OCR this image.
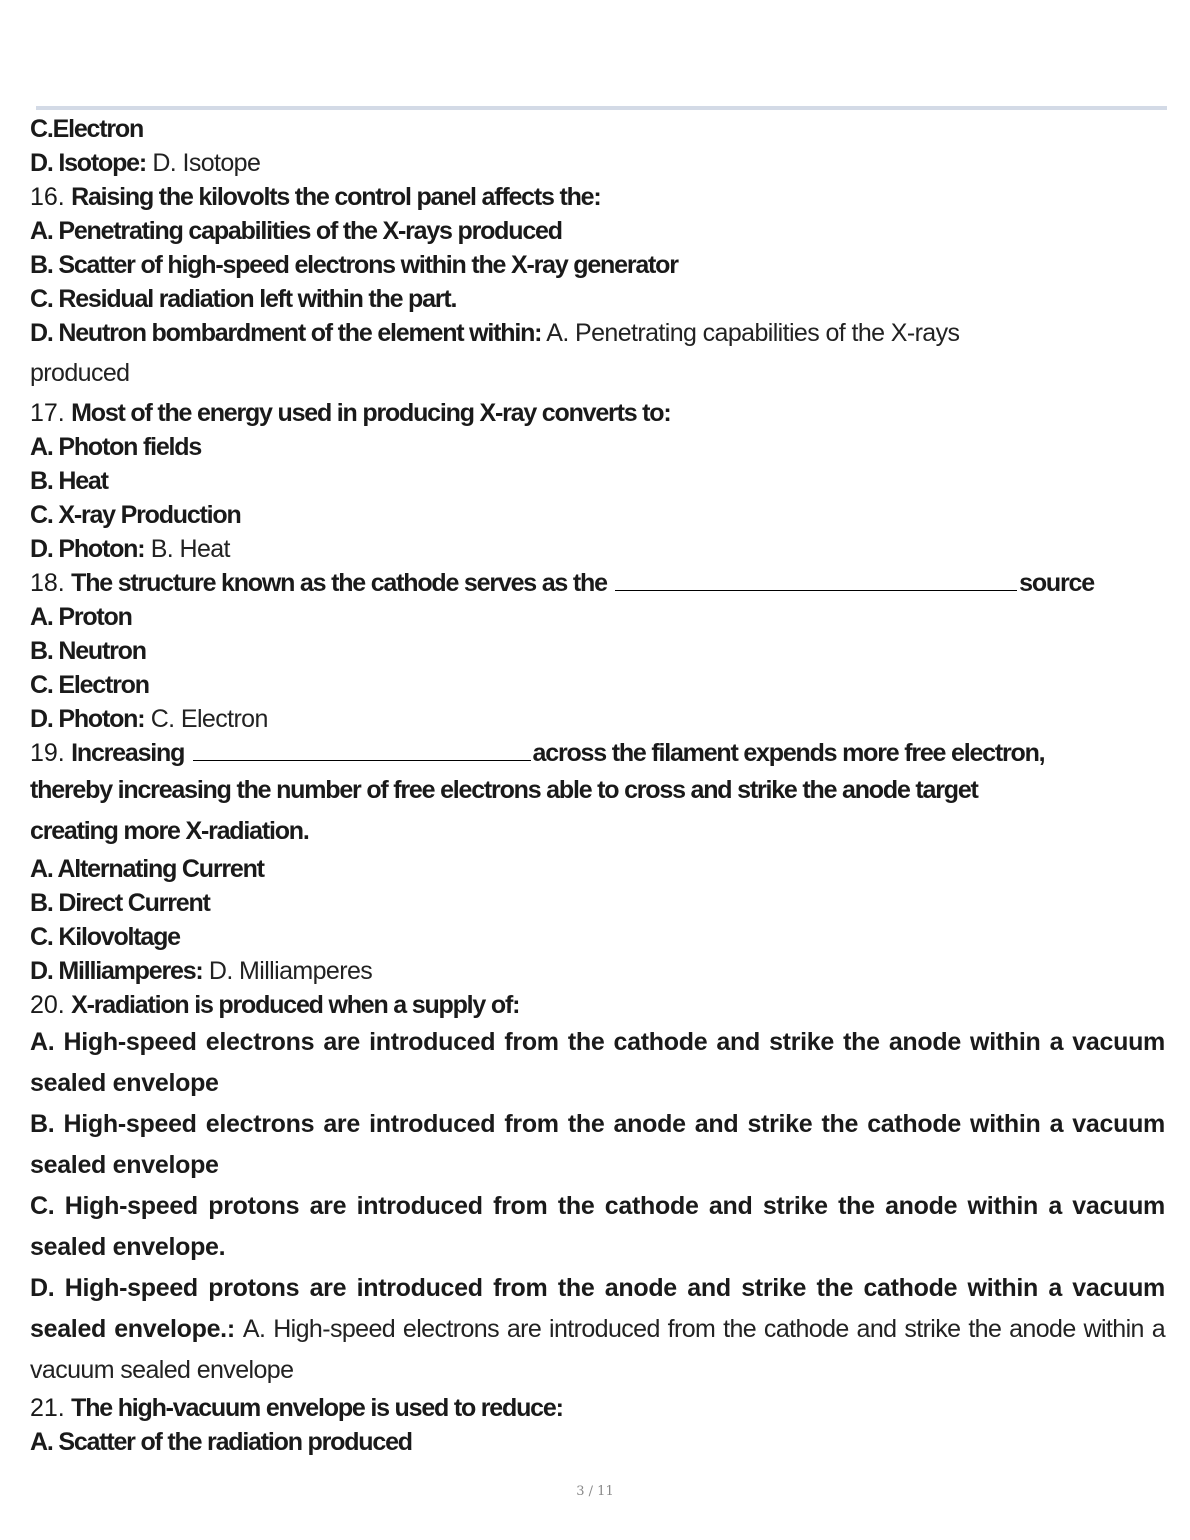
C.Electron
D. Isotope: D. Isotope
16. Raising the kilovolts the control panel affects the:
A. Penetrating capabilities of the X-rays produced
B. Scatter of high-speed electrons within the X-ray generator
C. Residual radiation left within the part.
D. Neutron bombardment of the element within: A. Penetrating capabilities of the X-rays
produced
17. Most of the energy used in producing X-ray converts to:
A. Photon fields
B. Heat
C. X-ray Production
D. Photon: B. Heat
18.
The structure known as the cathode serves as the
	source
A. Proton
B. Neutron
C. Electron
D. Photon: C. Electron
19. Increasing	across the filament expends more free electron,
thereby increasing the number of free electrons able to cross and strike the anode target
creating more X-radiation.
A. Alternating Current
B. Direct Current
C. Kilovoltage
D. Milliamperes: D. Milliamperes
20. X-radiation is produced when a supply of:
A. High-speed electrons are introduced from the cathode and strike the anode within a vacuum sealed envelope
B. High-speed electrons are introduced from the anode and strike the cathode within a vacuum sealed envelope
C. High-speed protons are introduced from the cathode and strike the anode within a vacuum sealed envelope.
D. High-speed protons are introduced from the anode and strike the cathode within a vacuum sealed envelope.: A. High-speed electrons are introduced from the cathode and strike the anode within a vacuum sealed envelope
21. The high-vacuum envelope is used to reduce:
A. Scatter of the radiation produced
3 / 11
